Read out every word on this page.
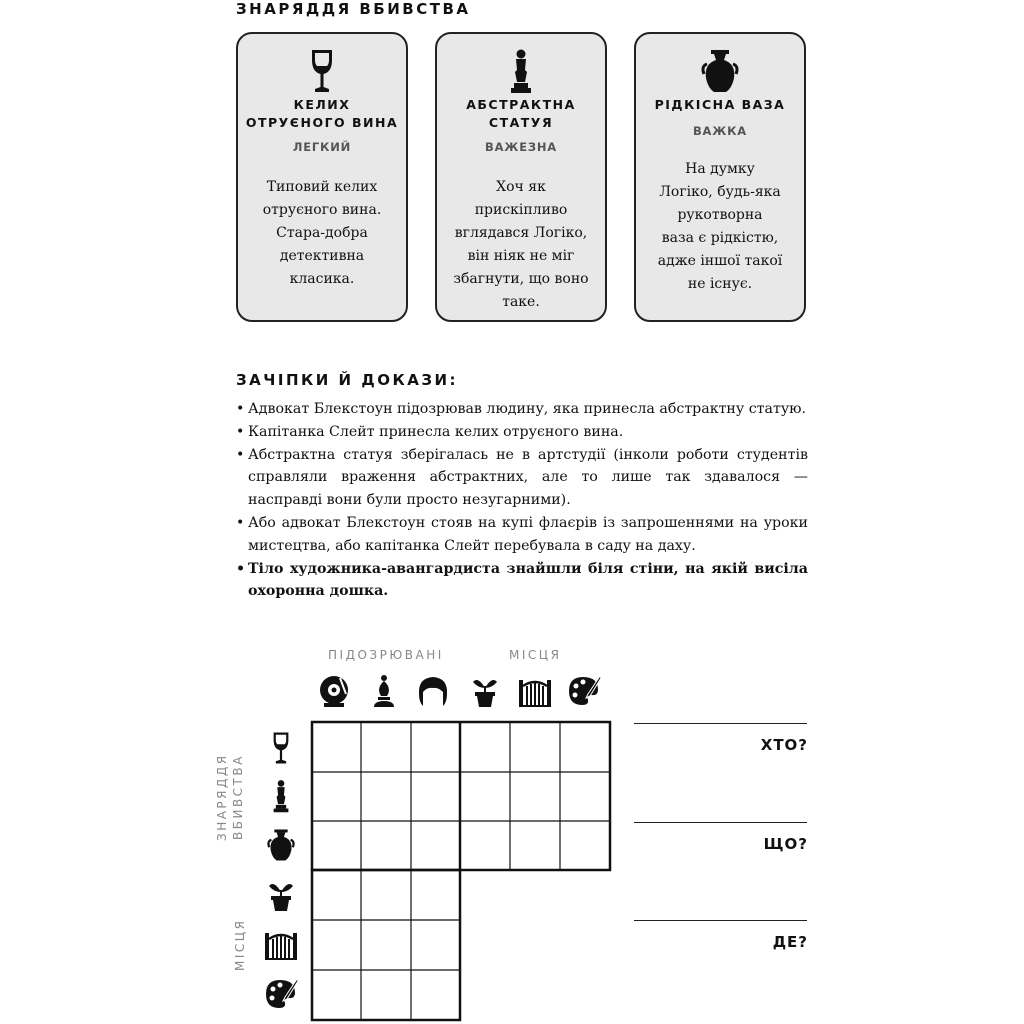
ЗНАРЯДДЯ ВБИВСТВА
КЕЛИХ
ОТРУЄНОГО ВИНА
ЛЕГКИЙ
Типовий келих
отруєного вина.
Стара-добра
детективна
класика.
АБСТРАКТНА
СТАТУЯ
ВАЖЕЗНА
Хоч як
прискіпливо
вглядався Логіко,
він ніяк не міг
збагнути, що воно
таке.
РІДКІСНА ВАЗА
ВАЖКА
На думку
Логіко, будь-яка
рукотворна
ваза є рідкістю,
адже іншої такої
не існує.
ЗАЧІПКИ Й ДОКАЗИ:
• Адвокат Блекстоун підозрював людину, яка принесла абстрактну статую.
• Капітанка Слейт принесла келих отруєного вина.
• Абстрактна статуя зберігалась не в артстудії (інколи роботи студентів справляли враження абстрактних, але то лише так здавалося — насправді вони були просто незугарними).
• Або адвокат Блекстоун стояв на купі флаєрів із запрошеннями на уроки мистецтва, або капітанка Слейт перебувала в саду на даху.
• Тіло художника-авангардиста знайшли біля стіни, на якій висіла охоронна дошка.
ПІДОЗРЮВАНІ	МІСЦЯ
ЗНАРЯДДЯ ВБИВСТВА
МІСЦЯ
ХТО?
ЩО?
ДЕ?
